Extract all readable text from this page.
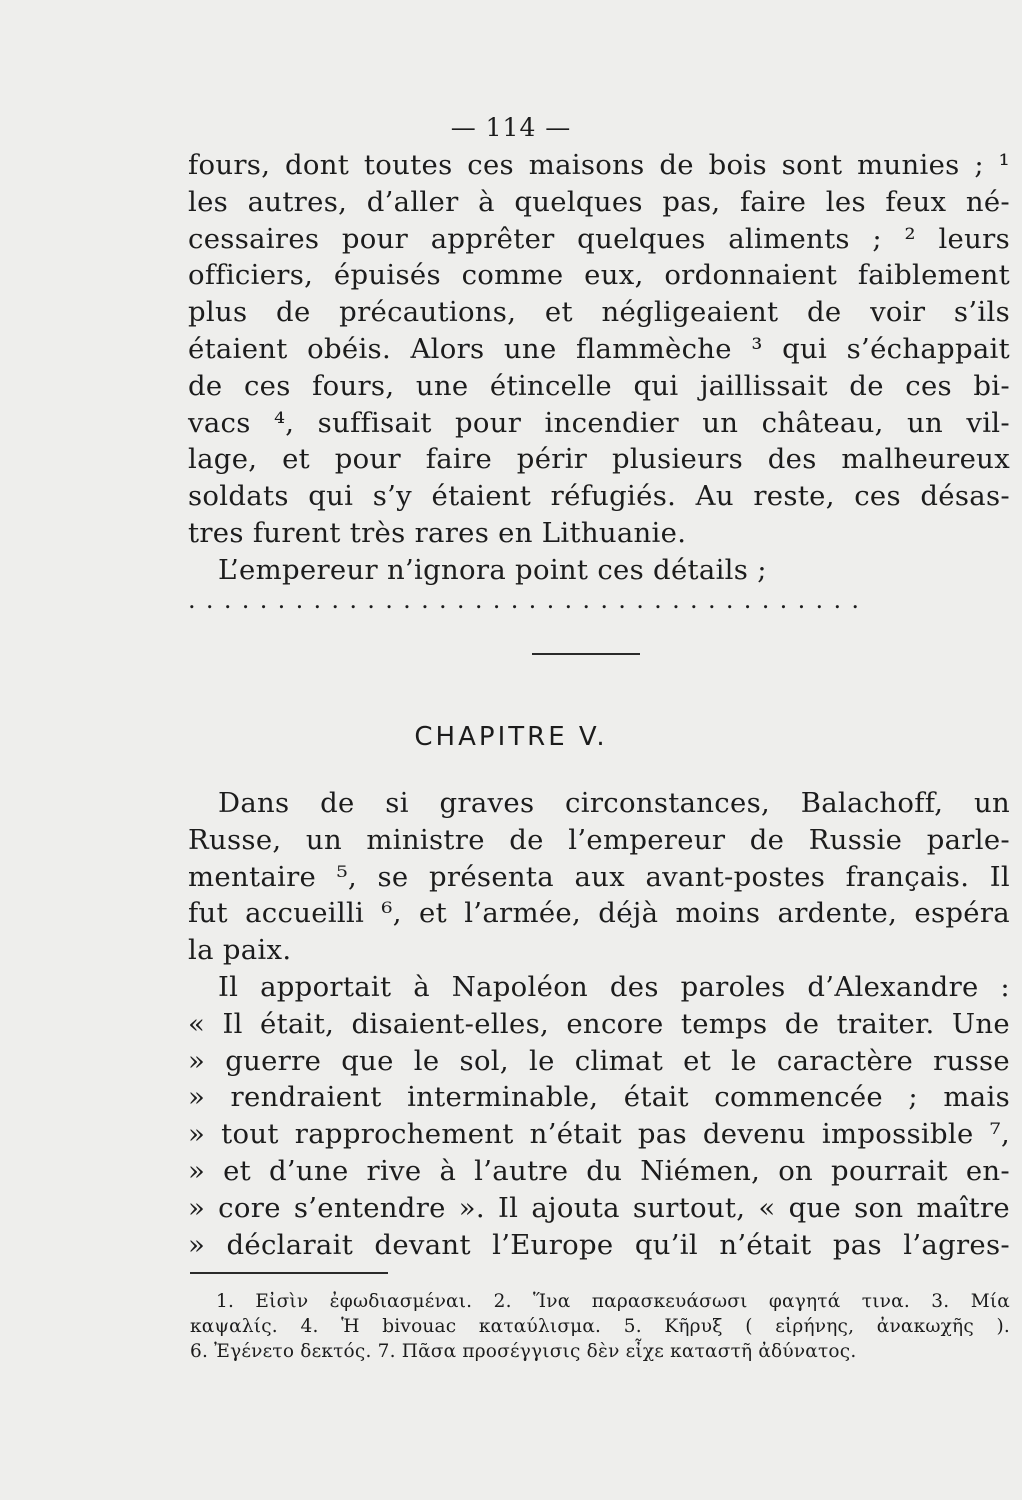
— 114 —
fours, dont toutes ces maisons de bois sont munies ; ¹
les autres, d’aller à quelques pas, faire les feux né-
cessaires pour apprêter quelques aliments ; ² leurs
officiers, épuisés comme eux, ordonnaient faiblement
plus de précautions, et négligeaient de voir s’ils
étaient obéis. Alors une flammèche ³ qui s’échappait
de ces fours, une étincelle qui jaillissait de ces bi-
vacs ⁴, suffisait pour incendier un château, un vil-
lage, et pour faire périr plusieurs des malheureux
soldats qui s’y étaient réfugiés. Au reste, ces désas-
tres furent très rares en Lithuanie.
L’empereur n’ignora point ces détails ;
......................................
CHAPITRE V.
Dans de si graves circonstances, Balachoff, un
Russe, un ministre de l’empereur de Russie parle-
mentaire ⁵, se présenta aux avant-postes français. Il
fut accueilli ⁶, et l’armée, déjà moins ardente, espéra
la paix.
Il apportait à Napoléon des paroles d’Alexandre :
« Il était, disaient-elles, encore temps de traiter. Une
» guerre que le sol, le climat et le caractère russe
» rendraient interminable, était commencée ; mais
» tout rapprochement n’était pas devenu impossible ⁷,
» et d’une rive à l’autre du Niémen, on pourrait en-
» core s’entendre ». Il ajouta surtout, « que son maître
» déclarait devant l’Europe qu’il n’était pas l’agres-
1. Εἰσὶν ἐφωδιασμέναι. 2. Ἵνα παρασκευάσωσι φαγητά τινα. 3. Μία
καψαλίς. 4. Ἡ bivouac καταύλισμα. 5. Κῆρυξ ( εἰρήνης, ἀνακωχῆς ).
6. Ἐγένετο δεκτός. 7. Πᾶσα προσέγγισις δὲν εἶχε καταστῆ ἀδύνατος.
